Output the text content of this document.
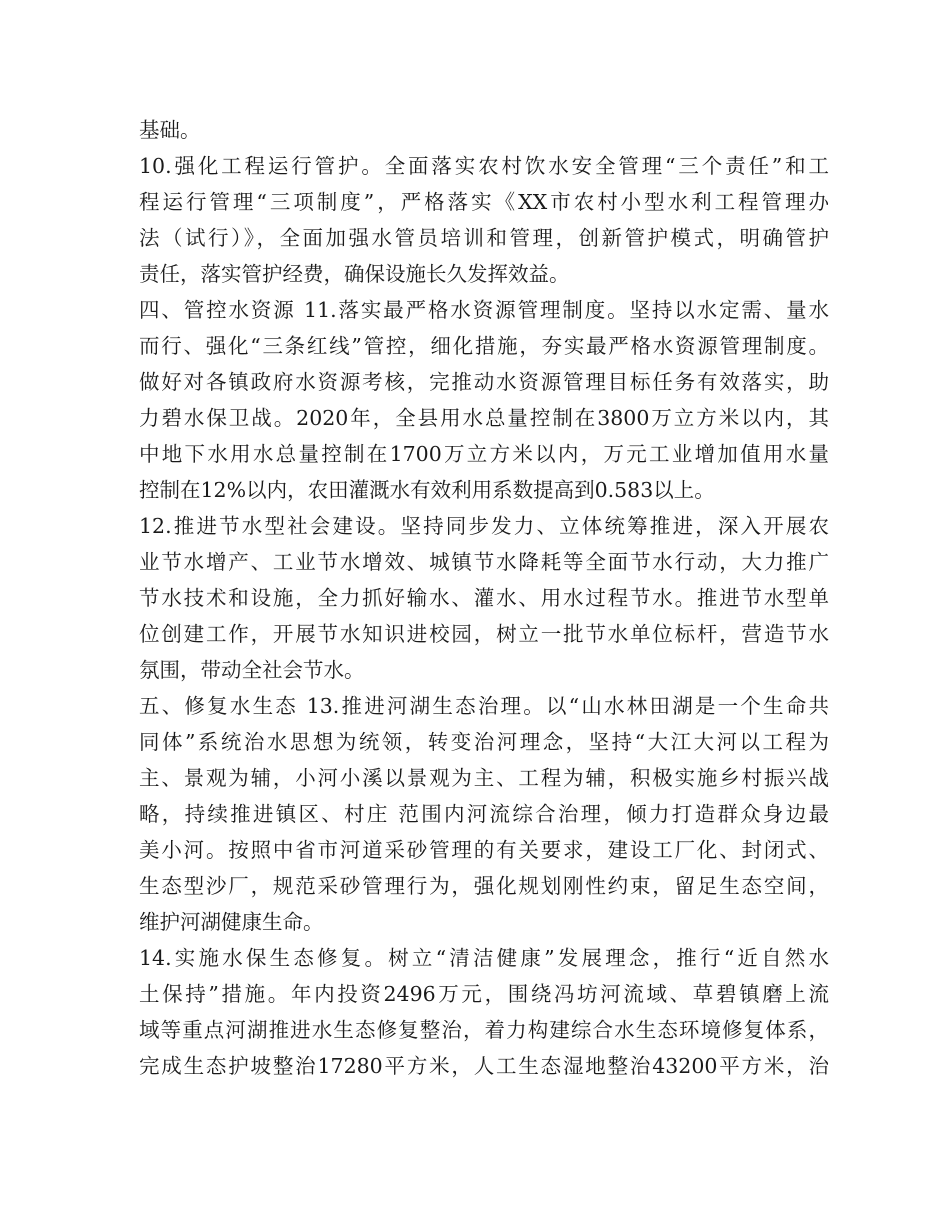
基础。
10.强化工程运行管护。全面落实农村饮水安全管理“三个责任”和工
程运行管理“三项制度”，严格落实《XX市农村小型水利工程管理办
法（试行）》，全面加强水管员培训和管理，创新管护模式，明确管护
责任，落实管护经费，确保设施长久发挥效益。
四、管控水资源 11.落实最严格水资源管理制度。坚持以水定需、量水
而行、强化“三条红线”管控，细化措施，夯实最严格水资源管理制度。
做好对各镇政府水资源考核，完推动水资源管理目标任务有效落实，助
力碧水保卫战。2020年，全县用水总量控制在3800万立方米以内，其
中地下水用水总量控制在1700万立方米以内，万元工业增加值用水量
控制在12%以内，农田灌溉水有效利用系数提高到0.583以上。
12.推进节水型社会建设。坚持同步发力、立体统筹推进，深入开展农
业节水增产、工业节水增效、城镇节水降耗等全面节水行动，大力推广
节水技术和设施，全力抓好输水、灌水、用水过程节水。推进节水型单
位创建工作，开展节水知识进校园，树立一批节水单位标杆，营造节水
氛围，带动全社会节水。
五、修复水生态 13.推进河湖生态治理。以“山水林田湖是一个生命共
同体”系统治水思想为统领，转变治河理念，坚持“大江大河以工程为
主、景观为辅，小河小溪以景观为主、工程为辅，积极实施乡村振兴战
略，持续推进镇区、村庄 范围内河流综合治理，倾力打造群众身边最
美小河。按照中省市河道采砂管理的有关要求，建设工厂化、封闭式、
生态型沙厂，规范采砂管理行为，强化规划刚性约束，留足生态空间，
维护河湖健康生命。
14.实施水保生态修复。树立“清洁健康”发展理念，推行“近自然水
土保持”措施。年内投资2496万元，围绕冯坊河流域、草碧镇磨上流
域等重点河湖推进水生态修复整治，着力构建综合水生态环境修复体系，
完成生态护坡整治17280平方米，人工生态湿地整治43200平方米，治
